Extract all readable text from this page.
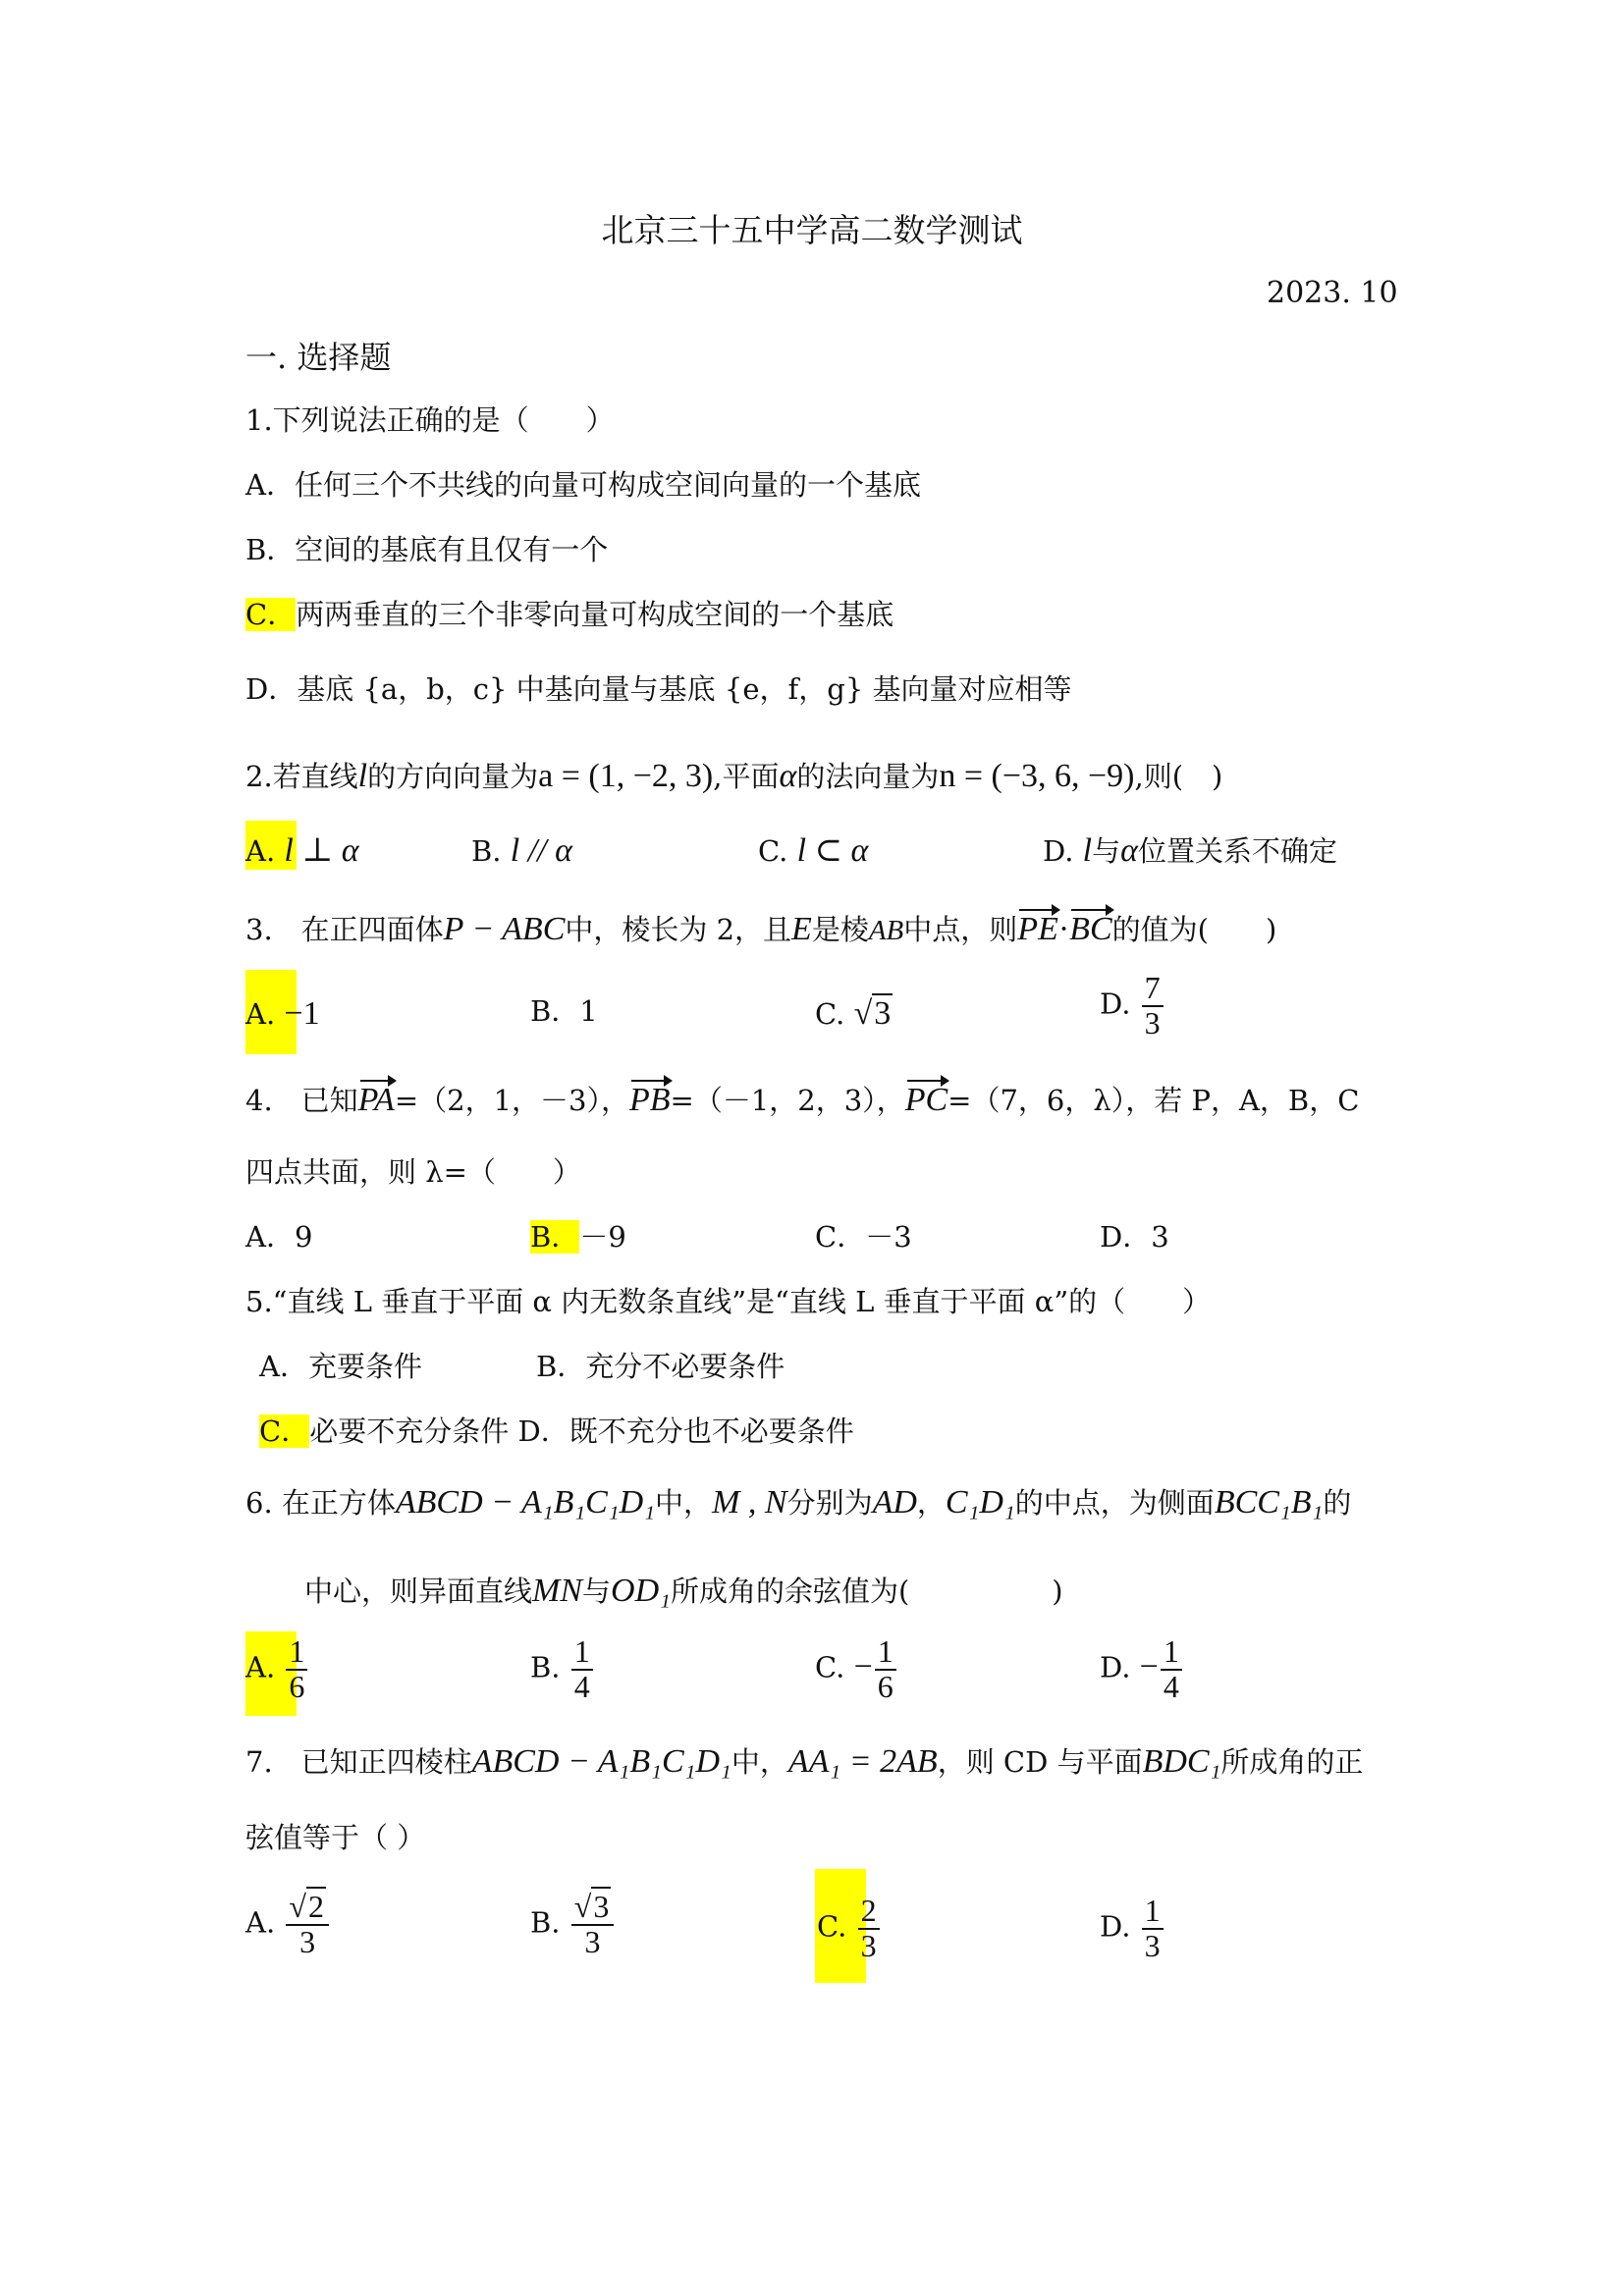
北京三十五中学高二数学测试
2023. 10
一. 选择题
1.下列说法正确的是（　　）
A．任何三个不共线的向量可构成空间向量的一个基底
B．空间的基底有且仅有一个
C．两两垂直的三个非零向量可构成空间的一个基底
D．基底 {a，b，c} 中基向量与基底 {e，f，g} 基向量对应相等
2.若直线l的方向向量为a = (1, −2, 3),平面α的法向量为n = (−3, 6, −9),则(　)
A. l ⊥ α	B. l // α	C. l ⊂ α	D. l与α位置关系不确定
3.　在正四面体P − ABC中，棱长为 2，且E是棱AB中点，则PE·BC的值为(　　)
A. −1	B．1	C. √3	D. $\frac{7}{3}$
4.　已知PA=（2，1，－3），PB=（－1，2，3），PC=（7，6，λ），若 P，A，B，C
四点共面，则 λ=（　　）
A．9	B．－9	C．－3	D．3
5.“直线 L 垂直于平面 α 内无数条直线”是“直线 L 垂直于平面 α”的（　　）
A．充要条件	B．充分不必要条件
C．必要不充分条件 D．既不充分也不必要条件
6. 在正方体ABCD − A₁B₁C₁D₁中，M , N分别为AD，C₁D₁的中点，为侧面BCC₁B₁的
中心，则异面直线MN与OD₁所成角的余弦值为(　　　　　)
A. $\frac{1}{6}$	B. $\frac{1}{4}$	C. − $\frac{1}{6}$	D. − $\frac{1}{4}$
7.　已知正四棱柱ABCD − A₁B₁C₁D₁中，AA₁ = 2AB，则 CD 与平面BDC₁所成角的正
弦值等于（ ）
A. $\frac{√2}{3}$	B. $\frac{√3}{3}$	C. $\frac{2}{3}$	D. $\frac{1}{3}$
